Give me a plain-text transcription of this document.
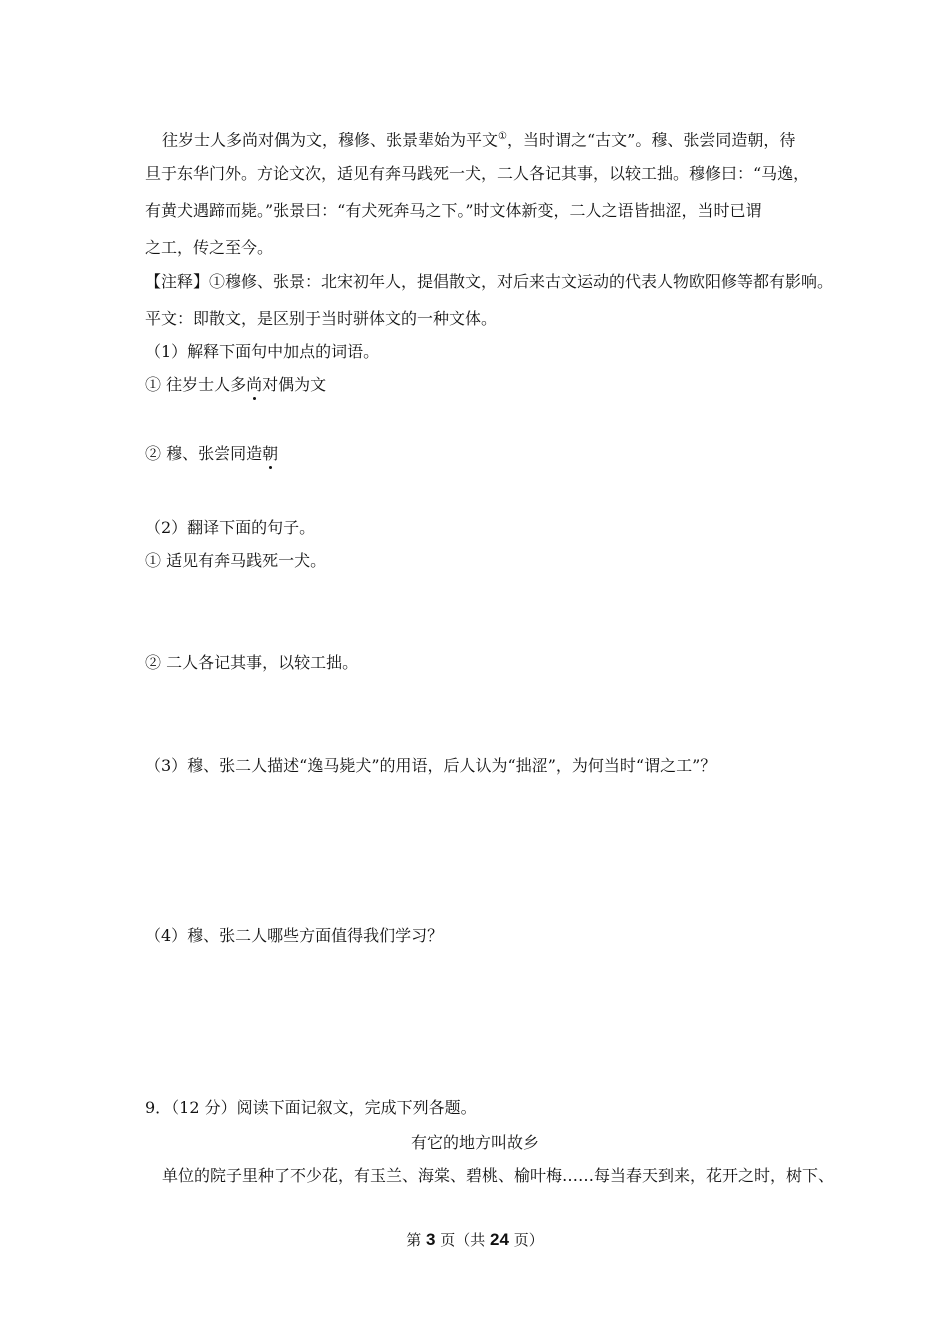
往岁士人多尚对偶为文，穆修、张景辈始为平文①，当时谓之“古文”。穆、张尝同造朝，待
旦于东华门外。方论文次，适见有奔马践死一犬，二人各记其事，以较工拙。穆修曰：“马逸，
有黄犬遇蹄而毙。”张景曰：“有犬死奔马之下。”时文体新变，二人之语皆拙涩，当时已谓
之工，传之至今。
【注释】①穆修、张景：北宋初年人，提倡散文，对后来古文运动的代表人物欧阳修等都有影响。
平文：即散文，是区别于当时骈体文的一种文体。
（1）解释下面句中加点的词语。
① 往岁士人多尚对偶为文
② 穆、张尝同造朝
（2）翻译下面的句子。
① 适见有奔马践死一犬。
② 二人各记其事，以较工拙。
（3）穆、张二人描述“逸马毙犬”的用语，后人认为“拙涩”，为何当时“谓之工”？
（4）穆、张二人哪些方面值得我们学习？
9．（12 分）阅读下面记叙文，完成下列各题。
有它的地方叫故乡
单位的院子里种了不少花，有玉兰、海棠、碧桃、榆叶梅……每当春天到来，花开之时，树下、
第 3 页（共 24 页）
